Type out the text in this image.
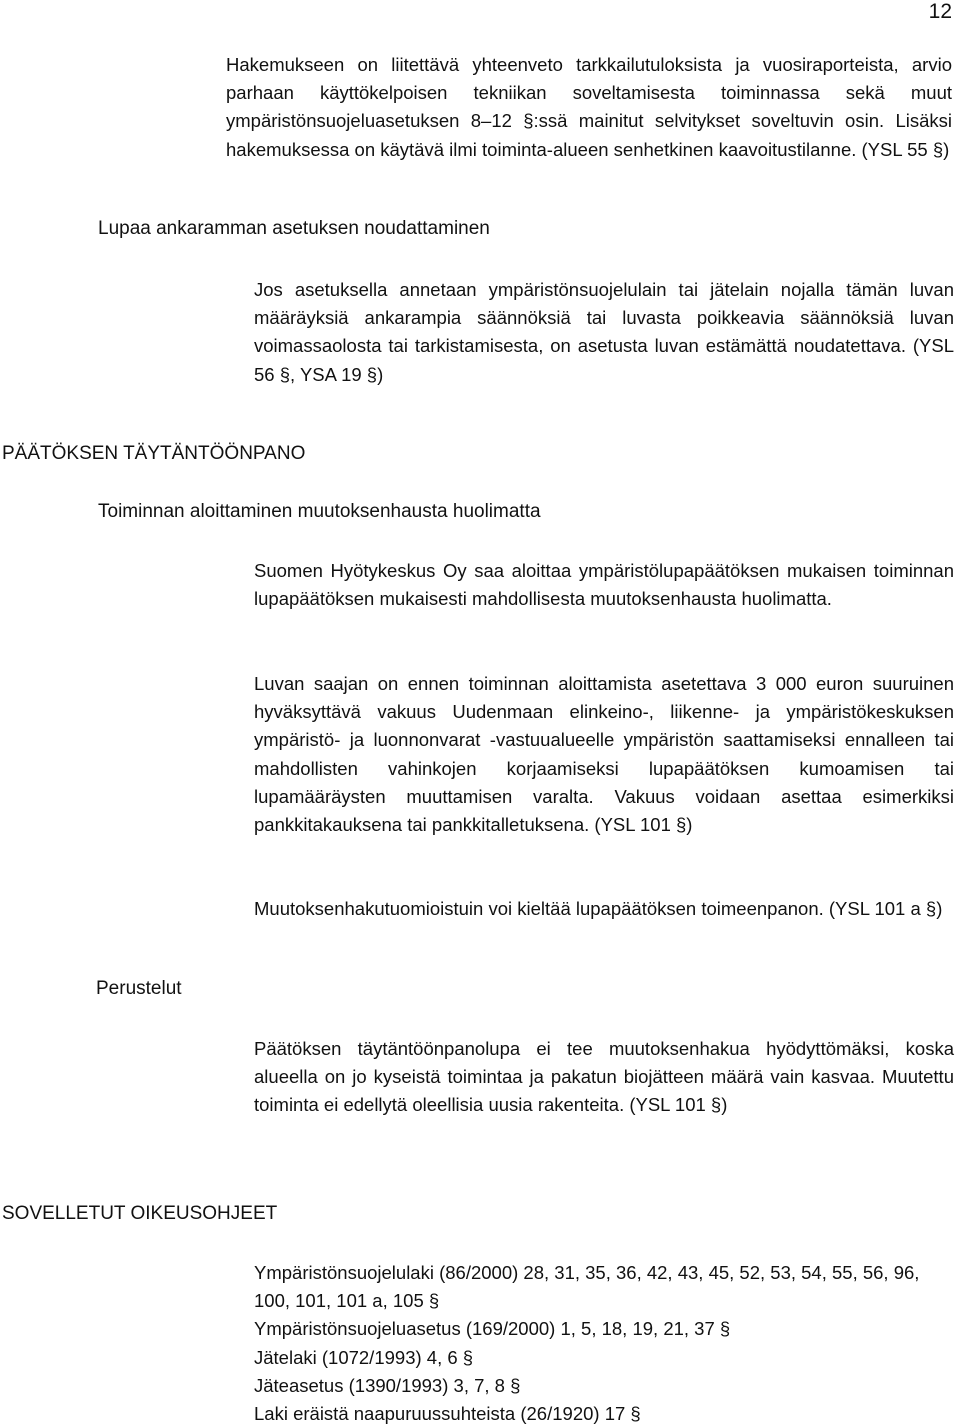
12

Hakemukseen on liitettävä yhteenveto tarkkailutuloksista ja vuosiraporteista, arvio parhaan käyttökelpoisen tekniikan soveltamisesta toiminnassa sekä muut ympäristönsuojeluasetuksen 8–12 §:ssä mainitut selvitykset soveltuvin osin. Lisäksi hakemuksessa on käytävä ilmi toiminta-alueen senhetkinen kaavoitustilanne. (YSL 55 §)

Lupaa ankaramman asetuksen noudattaminen

Jos asetuksella annetaan ympäristönsuojelulain tai jätelain nojalla tämän luvan määräyksiä ankarampia säännöksiä tai luvasta poikkeavia säännöksiä luvan voimassaolosta tai tarkistamisesta, on asetusta luvan estämättä noudatettava. (YSL 56 §, YSA 19 §)

PÄÄTÖKSEN TÄYTÄNTÖÖNPANO
Toiminnan aloittaminen muutoksenhausta huolimatta

Suomen Hyötykeskus Oy saa aloittaa ympäristölupapäätöksen mukaisen toiminnan lupapäätöksen mukaisesti mahdollisesta muutoksenhausta huolimatta.

Luvan saajan on ennen toiminnan aloittamista asetettava 3 000 euron suuruinen hyväksyttävä vakuus Uudenmaan elinkeino-, liikenne- ja ympäristökeskuksen ympäristö- ja luonnonvarat -vastuualueelle ympäristön saattamiseksi ennalleen tai mahdollisten vahinkojen korjaamiseksi lupapäätöksen kumoamisen tai lupamääräysten muuttamisen varalta. Vakuus voidaan asettaa esimerkiksi pankkitakauksena tai pankkitalletuksena. (YSL 101 §)

Muutoksenhakutuomioistuin voi kieltää lupapäätöksen toimeenpanon. (YSL 101 a §)

Perustelut

Päätöksen täytäntöönpanolupa ei tee muutoksenhakua hyödyttömäksi, koska alueella on jo kyseistä toimintaa ja pakatun biojätteen määrä vain kasvaa. Muutettu toiminta ei edellytä oleellisia uusia rakenteita. (YSL 101 §)

SOVELLETUT OIKEUSOHJEET
Ympäristönsuojelulaki (86/2000) 28, 31, 35, 36, 42, 43, 45, 52, 53, 54, 55, 56, 96, 100, 101, 101 a, 105 §
Ympäristönsuojeluasetus (169/2000) 1, 5, 18, 19, 21, 37 §
Jätelaki (1072/1993) 4, 6 §
Jäteasetus (1390/1993) 3, 7, 8 §
Laki eräistä naapuruussuhteista (26/1920) 17 §
